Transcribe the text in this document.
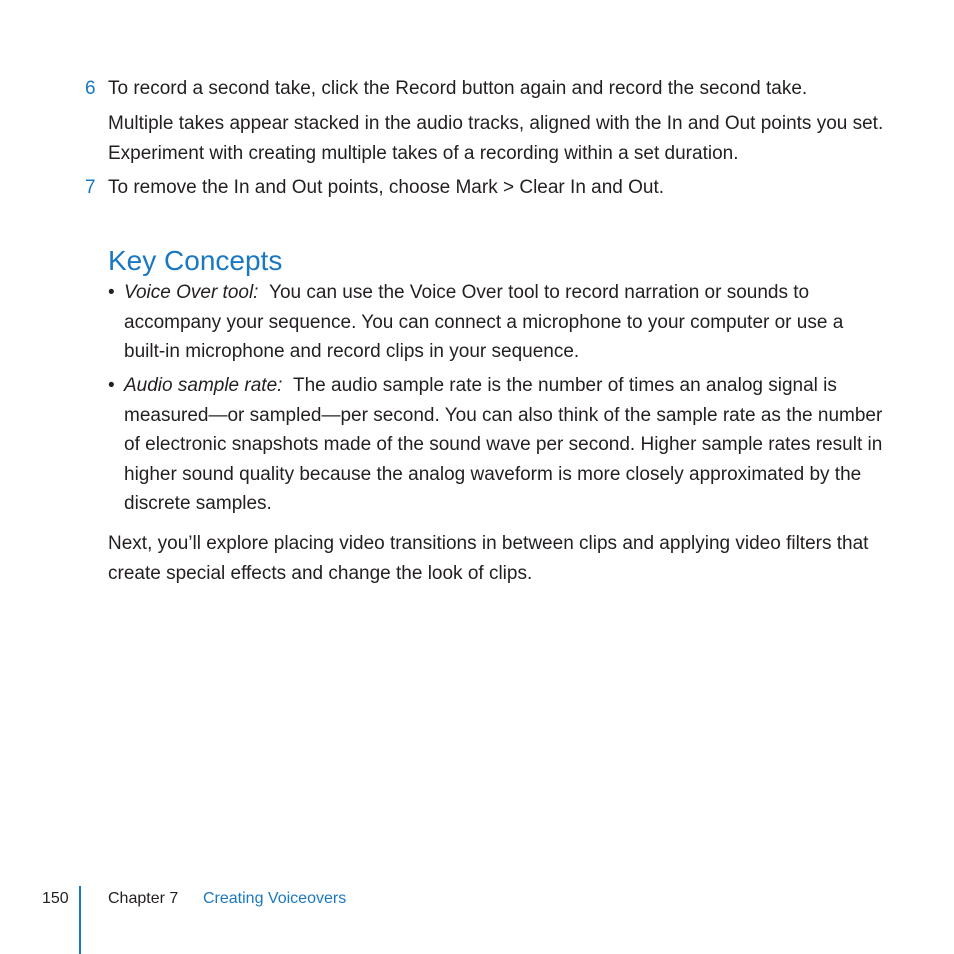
6 To record a second take, click the Record button again and record the second take.
Multiple takes appear stacked in the audio tracks, aligned with the In and Out points you set. Experiment with creating multiple takes of a recording within a set duration.
7 To remove the In and Out points, choose Mark > Clear In and Out.
Key Concepts
• Voice Over tool: You can use the Voice Over tool to record narration or sounds to accompany your sequence. You can connect a microphone to your computer or use a built-in microphone and record clips in your sequence.
• Audio sample rate: The audio sample rate is the number of times an analog signal is measured—or sampled—per second. You can also think of the sample rate as the number of electronic snapshots made of the sound wave per second. Higher sample rates result in higher sound quality because the analog waveform is more closely approximated by the discrete samples.
Next, you’ll explore placing video transitions in between clips and applying video filters that create special effects and change the look of clips.
150 Chapter 7 Creating Voiceovers
